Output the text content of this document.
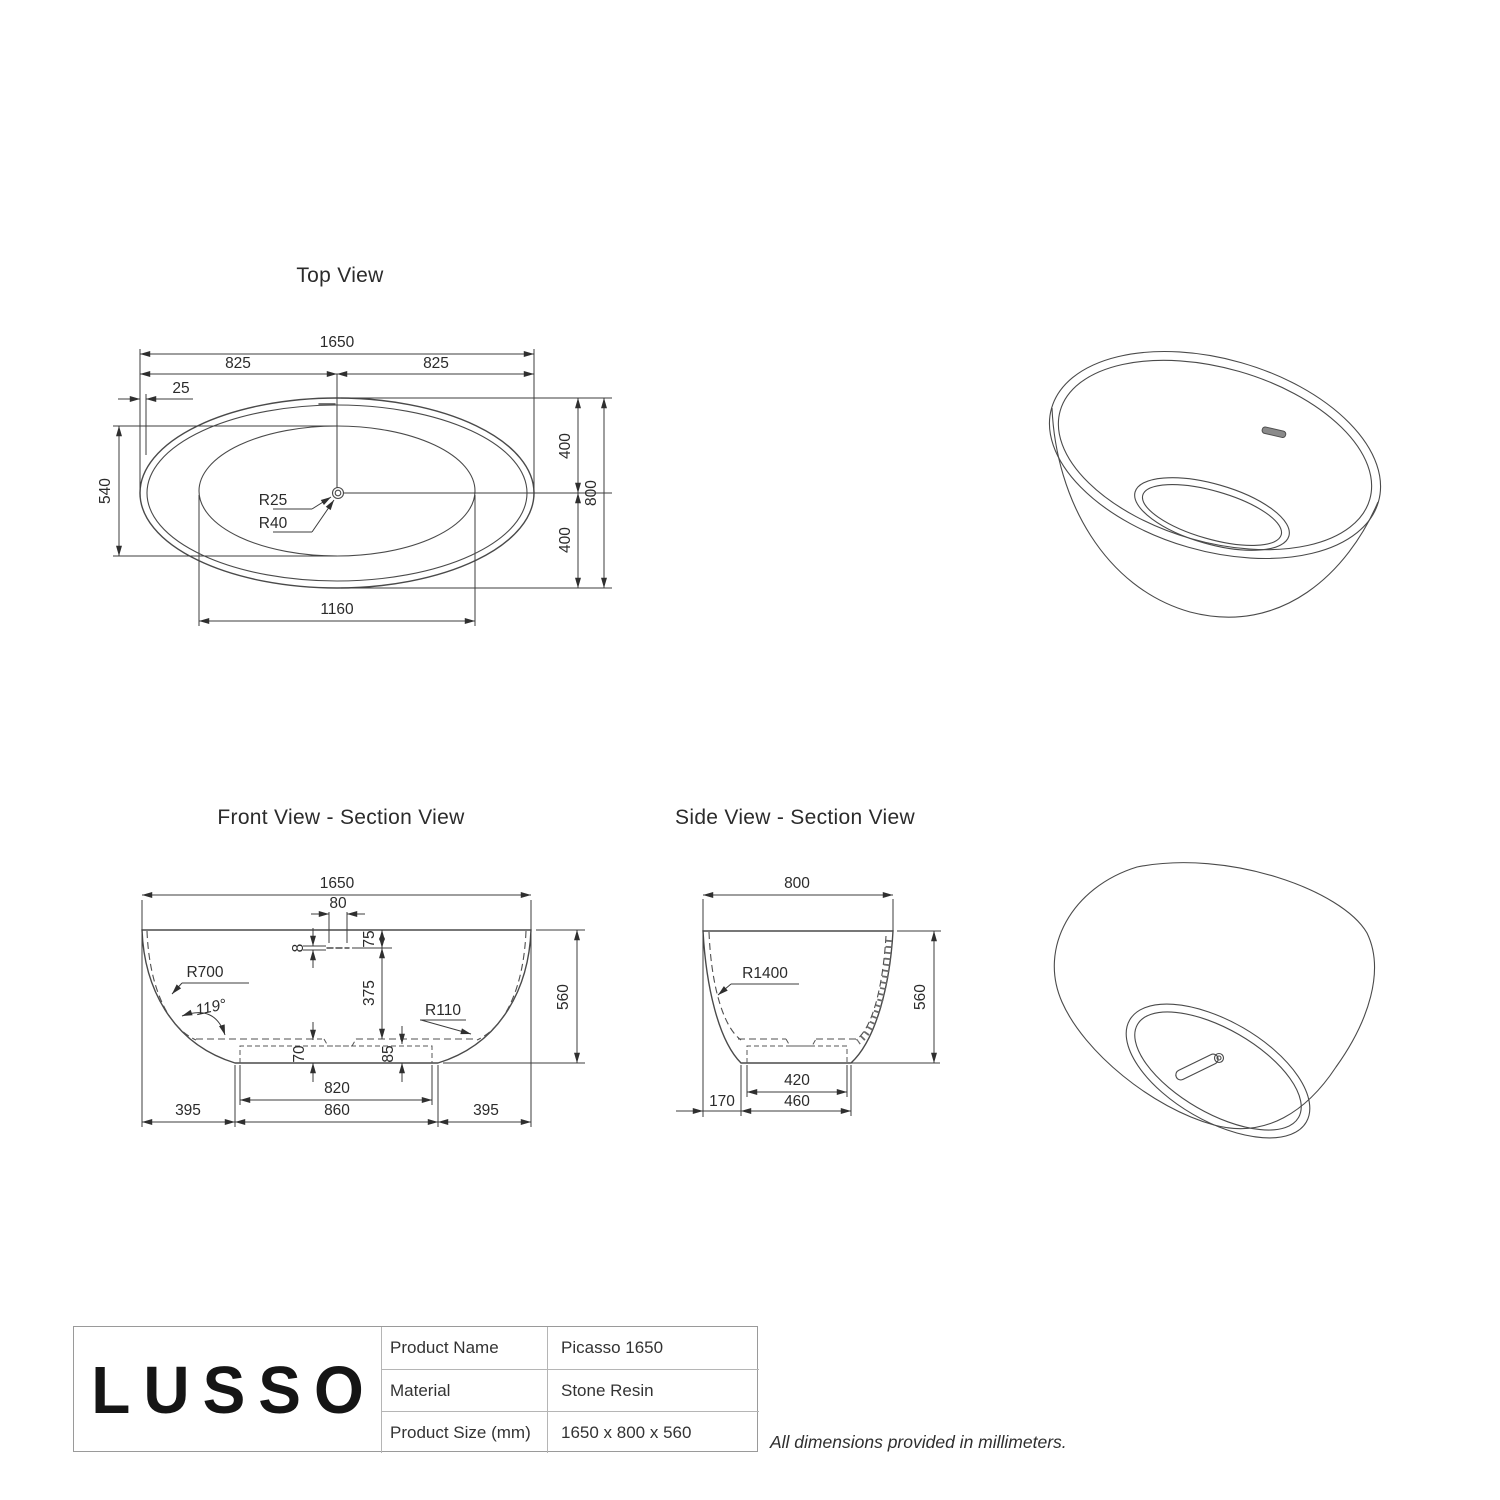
Top View
Front View - Section View	Side View - Section View
1650
825	825
25
540
1160
400
400
800
R25
R40
1650
80
8
75
375
R700
119°	R110
560
70	85
820
860
395	395
800
R1400
560
420
460
170
LUSSO
Product Name	Picasso 1650
Material	Stone Resin
Product Size (mm)	1650 x 800 x 560	All dimensions provided in millimeters.
